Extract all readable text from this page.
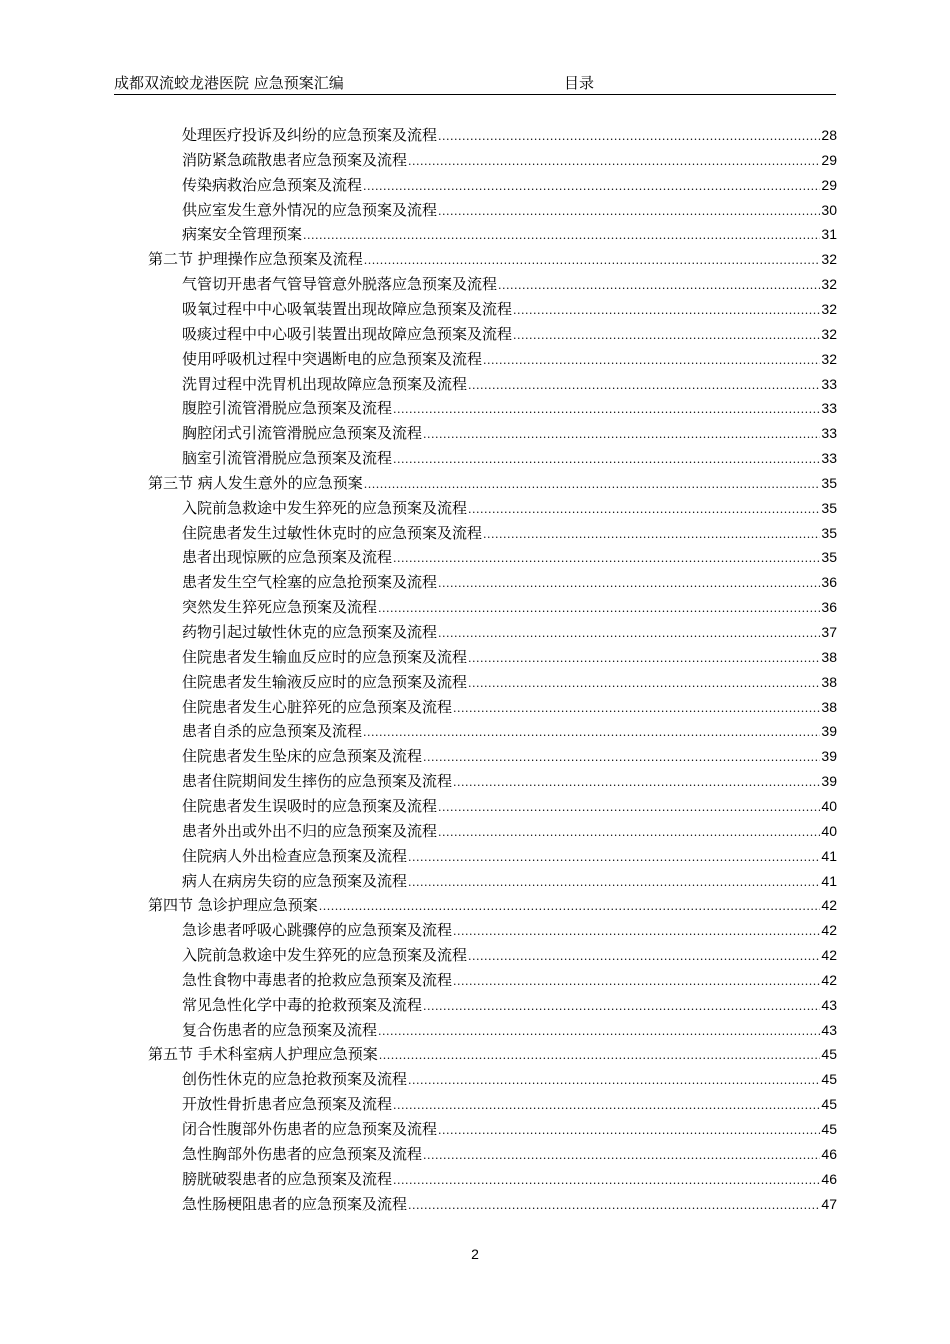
成都双流蛟龙港医院 应急预案汇编	目录
处理医疗投诉及纠纷的应急预案及流程 .....	28
消防紧急疏散患者应急预案及流程 .....	29
传染病救治应急预案及流程 .....	29
供应室发生意外情况的应急预案及流程 .....	30
病案安全管理预案 .....	31
第二节 护理操作应急预案及流程 .....	32
气管切开患者气管导管意外脱落应急预案及流程 .....	32
吸氧过程中中心吸氧装置出现故障应急预案及流程 .....	32
吸痰过程中中心吸引装置出现故障应急预案及流程 .....	32
使用呼吸机过程中突遇断电的应急预案及流程 .....	32
洗胃过程中洗胃机出现故障应急预案及流程 .....	33
腹腔引流管滑脱应急预案及流程 .....	33
胸腔闭式引流管滑脱应急预案及流程 .....	33
脑室引流管滑脱应急预案及流程 .....	33
第三节 病人发生意外的应急预案 .....	35
入院前急救途中发生猝死的应急预案及流程 .....	35
住院患者发生过敏性休克时的应急预案及流程 .....	35
患者出现惊厥的应急预案及流程 .....	35
患者发生空气栓塞的应急抢预案及流程 .....	36
突然发生猝死应急预案及流程 .....	36
药物引起过敏性休克的应急预案及流程 .....	37
住院患者发生输血反应时的应急预案及流程 .....	38
住院患者发生输液反应时的应急预案及流程 .....	38
住院患者发生心脏猝死的应急预案及流程 .....	38
患者自杀的应急预案及流程 .....	39
住院患者发生坠床的应急预案及流程 .....	39
患者住院期间发生摔伤的应急预案及流程 .....	39
住院患者发生误吸时的应急预案及流程 .....	40
患者外出或外出不归的应急预案及流程 .....	40
住院病人外出检查应急预案及流程 .....	41
病人在病房失窃的应急预案及流程 .....	41
第四节 急诊护理应急预案 .....	42
急诊患者呼吸心跳骤停的应急预案及流程 .....	42
入院前急救途中发生猝死的应急预案及流程 .....	42
急性食物中毒患者的抢救应急预案及流程 .....	42
常见急性化学中毒的抢救预案及流程 .....	43
复合伤患者的应急预案及流程 .....	43
第五节 手术科室病人护理应急预案 .....	45
创伤性休克的应急抢救预案及流程 .....	45
开放性骨折患者应急预案及流程 .....	45
闭合性腹部外伤患者的应急预案及流程 .....	45
急性胸部外伤患者的应急预案及流程 .....	46
膀胱破裂患者的应急预案及流程 .....	46
急性肠梗阻患者的应急预案及流程 .....	47
2
